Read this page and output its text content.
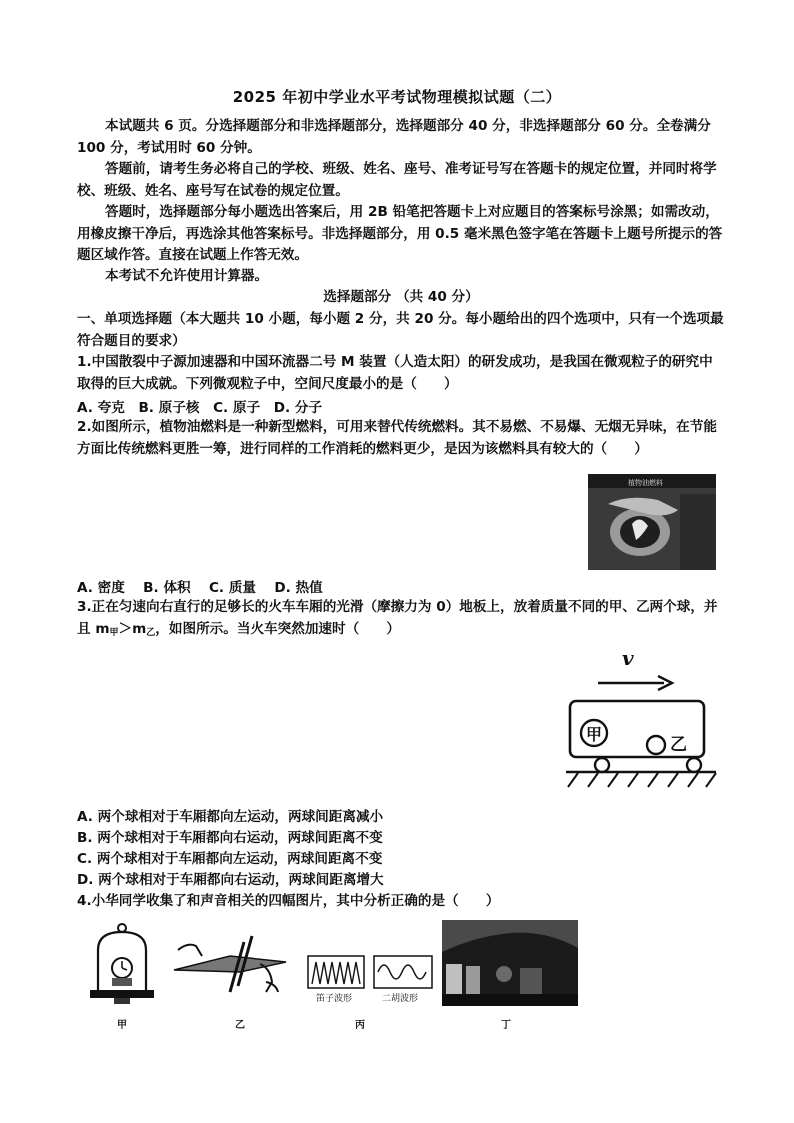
2025 年初中学业水平考试物理模拟试题（二）
本试题共 6 页。分选择题部分和非选择题部分，选择题部分 40 分，非选择题部分 60 分。全卷满分 100 分，考试用时 60 分钟。
答题前，请考生务必将自己的学校、班级、姓名、座号、准考证号写在答题卡的规定位置，并同时将学校、班级、姓名、座号写在试卷的规定位置。
答题时，选择题部分每小题选出答案后，用 2B 铅笔把答题卡上对应题目的答案标号涂黑；如需改动，用橡皮擦干净后，再选涂其他答案标号。非选择题部分，用 0.5 毫米黑色签字笔在答题卡上题号所提示的答题区域作答。直接在试题上作答无效。
本考试不允许使用计算器。
选择题部分 （共 40 分）
一、单项选择题（本大题共 10 小题，每小题 2 分，共 20 分。每小题给出的四个选项中，只有一个选项最符合题目的要求）
1.中国散裂中子源加速器和中国环流器二号 M 装置（人造太阳）的研发成功，是我国在微观粒子的研究中取得的巨大成就。下列微观粒子中，空间尺度最小的是（　　）
A. 夸克　B. 原子核　C. 原子　D. 分子
2.如图所示，植物油燃料是一种新型燃料，可用来替代传统燃料。其不易燃、不易爆、无烟无异味，在节能方面比传统燃料更胜一筹，进行同样的工作消耗的燃料更少，是因为该燃料具有较大的（　　）
植物油燃料
A. 密度　 B. 体积　 C. 质量　 D. 热值
3.正在匀速向右直行的足够长的火车车厢的光滑（摩擦力为 0）地板上，放着质量不同的甲、乙两个球，并且 $m_甲>m_乙$，如图所示。当火车突然加速时（　　）
v
甲
乙
A. 两个球相对于车厢都向左运动，两球间距离减小
B. 两个球相对于车厢都向右运动，两球间距离不变
C. 两个球相对于车厢都向左运动，两球间距离不变
D. 两个球相对于车厢都向右运动，两球间距离增大
4.小华同学收集了和声音相关的四幅图片，其中分析正确的是（　　）
甲	乙
笛子波形	二胡波形
丙	丁
